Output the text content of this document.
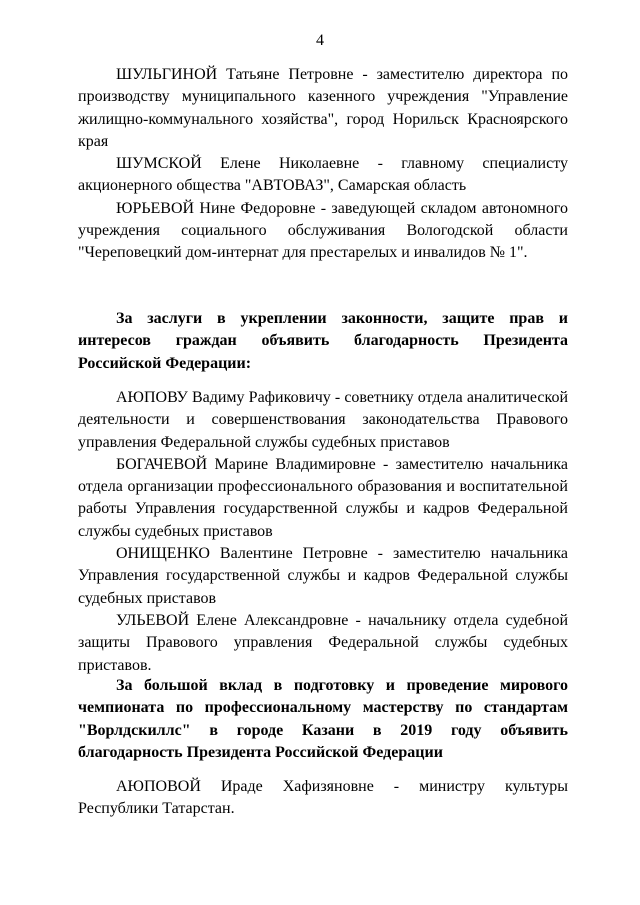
4

ШУЛЬГИНОЙ Татьяне Петровне - заместителю директора по производству муниципального казенного учреждения "Управление жилищно-коммунального хозяйства", город Норильск Красноярского края

ШУМСКОЙ Елене Николаевне - главному специалисту акционерного общества "АВТОВАЗ", Самарская область

ЮРЬЕВОЙ Нине Федоровне - заведующей складом автономного учреждения социального обслуживания Вологодской области "Череповецкий дом-интернат для престарелых и инвалидов № 1".

За заслуги в укреплении законности, защите прав и интересов граждан объявить благодарность Президента Российской Федерации:

АЮПОВУ Вадиму Рафиковичу - советнику отдела аналитической деятельности и совершенствования законодательства Правового управления Федеральной службы судебных приставов

БОГАЧЕВОЙ Марине Владимировне - заместителю начальника отдела организации профессионального образования и воспитательной работы Управления государственной службы и кадров Федеральной службы судебных приставов

ОНИЩЕНКО Валентине Петровне - заместителю начальника Управления государственной службы и кадров Федеральной службы судебных приставов

УЛЬЕВОЙ Елене Александровне - начальнику отдела судебной защиты Правового управления Федеральной службы судебных приставов.

За большой вклад в подготовку и проведение мирового чемпионата по профессиональному мастерству по стандартам "Ворлдскиллс" в городе Казани в 2019 году объявить благодарность Президента Российской Федерации

АЮПОВОЙ Ираде Хафизяновне - министру культуры Республики Татарстан.
